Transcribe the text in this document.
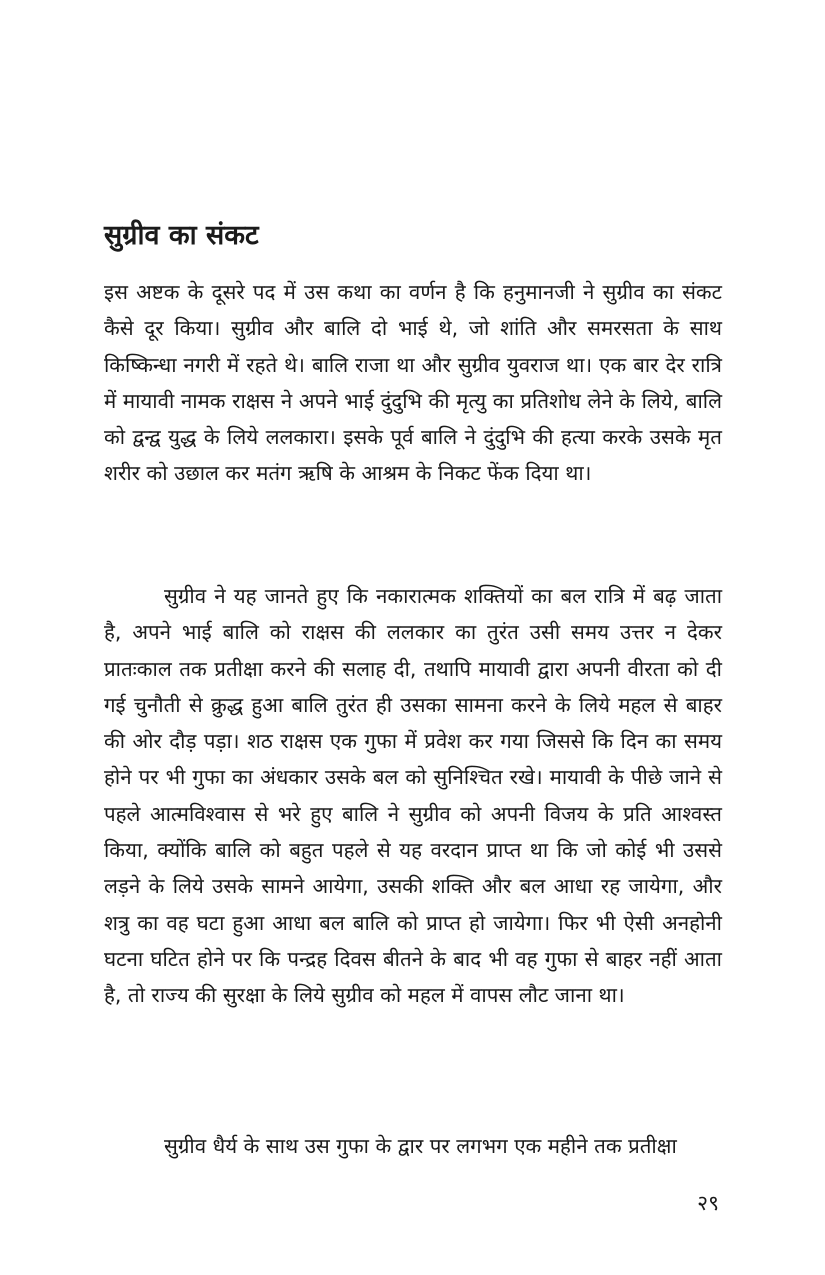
सुग्रीव का संकट

इस अष्टक के दूसरे पद में उस कथा का वर्णन है कि हनुमानजी ने सुग्रीव का संकट कैसे दूर किया। सुग्रीव और बालि दो भाई थे, जो शांति और समरसता के साथ किष्किन्धा नगरी में रहते थे। बालि राजा था और सुग्रीव युवराज था। एक बार देर रात्रि में मायावी नामक राक्षस ने अपने भाई दुंदुभि की मृत्यु का प्रतिशोध लेने के लिये, बालि को द्वन्द्व युद्ध के लिये ललकारा। इसके पूर्व बालि ने दुंदुभि की हत्या करके उसके मृत शरीर को उछाल कर मतंग ऋषि के आश्रम के निकट फेंक दिया था।

सुग्रीव ने यह जानते हुए कि नकारात्मक शक्तियों का बल रात्रि में बढ़ जाता है, अपने भाई बालि को राक्षस की ललकार का तुरंत उसी समय उत्तर न देकर प्रातःकाल तक प्रतीक्षा करने की सलाह दी, तथापि मायावी द्वारा अपनी वीरता को दी गई चुनौती से क्रुद्ध हुआ बालि तुरंत ही उसका सामना करने के लिये महल से बाहर की ओर दौड़ पड़ा। शठ राक्षस एक गुफा में प्रवेश कर गया जिससे कि दिन का समय होने पर भी गुफा का अंधकार उसके बल को सुनिश्चित रखे। मायावी के पीछे जाने से पहले आत्मविश्वास से भरे हुए बालि ने सुग्रीव को अपनी विजय के प्रति आश्वस्त किया, क्योंकि बालि को बहुत पहले से यह वरदान प्राप्त था कि जो कोई भी उससे लड़ने के लिये उसके सामने आयेगा, उसकी शक्ति और बल आधा रह जायेगा, और शत्रु का वह घटा हुआ आधा बल बालि को प्राप्त हो जायेगा। फिर भी ऐसी अनहोनी घटना घटित होने पर कि पन्द्रह दिवस बीतने के बाद भी वह गुफा से बाहर नहीं आता है, तो राज्य की सुरक्षा के लिये सुग्रीव को महल में वापस लौट जाना था।

सुग्रीव धैर्य के साथ उस गुफा के द्वार पर लगभग एक महीने तक प्रतीक्षा

२९
